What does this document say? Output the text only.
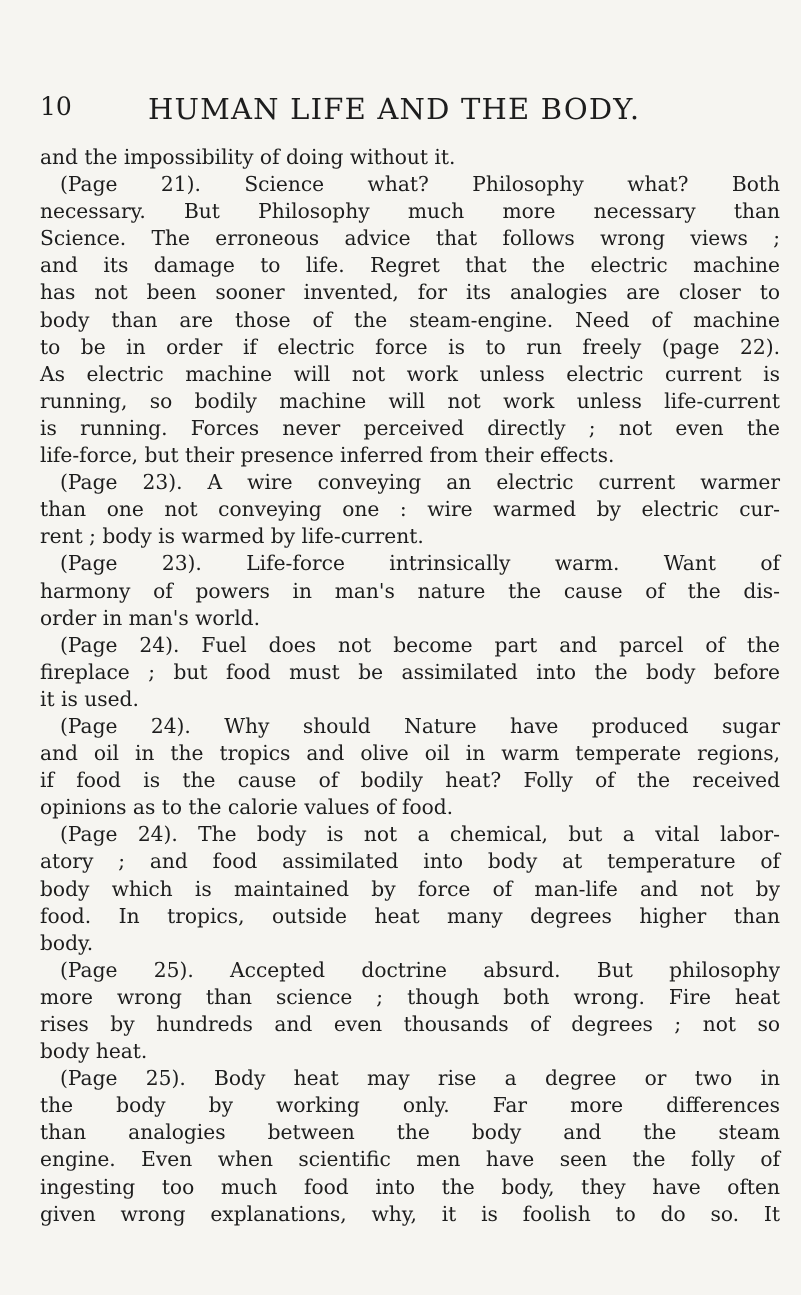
10	HUMAN LIFE AND THE BODY.
and the impossibility of doing without it.
(Page 21). Science what? Philosophy what? Both
necessary. But Philosophy much more necessary than
Science. The erroneous advice that follows wrong views ;
and its damage to life. Regret that the electric machine
has not been sooner invented, for its analogies are closer to
body than are those of the steam-engine. Need of machine
to be in order if electric force is to run freely (page 22).
As electric machine will not work unless electric current is
running, so bodily machine will not work unless life-current
is running. Forces never perceived directly ; not even the
life-force, but their presence inferred from their effects.
(Page 23). A wire conveying an electric current warmer
than one not conveying one : wire warmed by electric cur-
rent ; body is warmed by life-current.
(Page 23). Life-force intrinsically warm. Want of
harmony of powers in man's nature the cause of the dis-
order in man's world.
(Page 24). Fuel does not become part and parcel of the
fireplace ; but food must be assimilated into the body before
it is used.
(Page 24). Why should Nature have produced sugar
and oil in the tropics and olive oil in warm temperate regions,
if food is the cause of bodily heat? Folly of the received
opinions as to the calorie values of food.
(Page 24). The body is not a chemical, but a vital labor-
atory ; and food assimilated into body at temperature of
body which is maintained by force of man-life and not by
food. In tropics, outside heat many degrees higher than
body.
(Page 25). Accepted doctrine absurd. But philosophy
more wrong than science ; though both wrong. Fire heat
rises by hundreds and even thousands of degrees ; not so
body heat.
(Page 25). Body heat may rise a degree or two in
the body by working only. Far more differences
than analogies between the body and the steam
engine. Even when scientific men have seen the folly of
ingesting too much food into the body, they have often
given wrong explanations, why, it is foolish to do so. It
